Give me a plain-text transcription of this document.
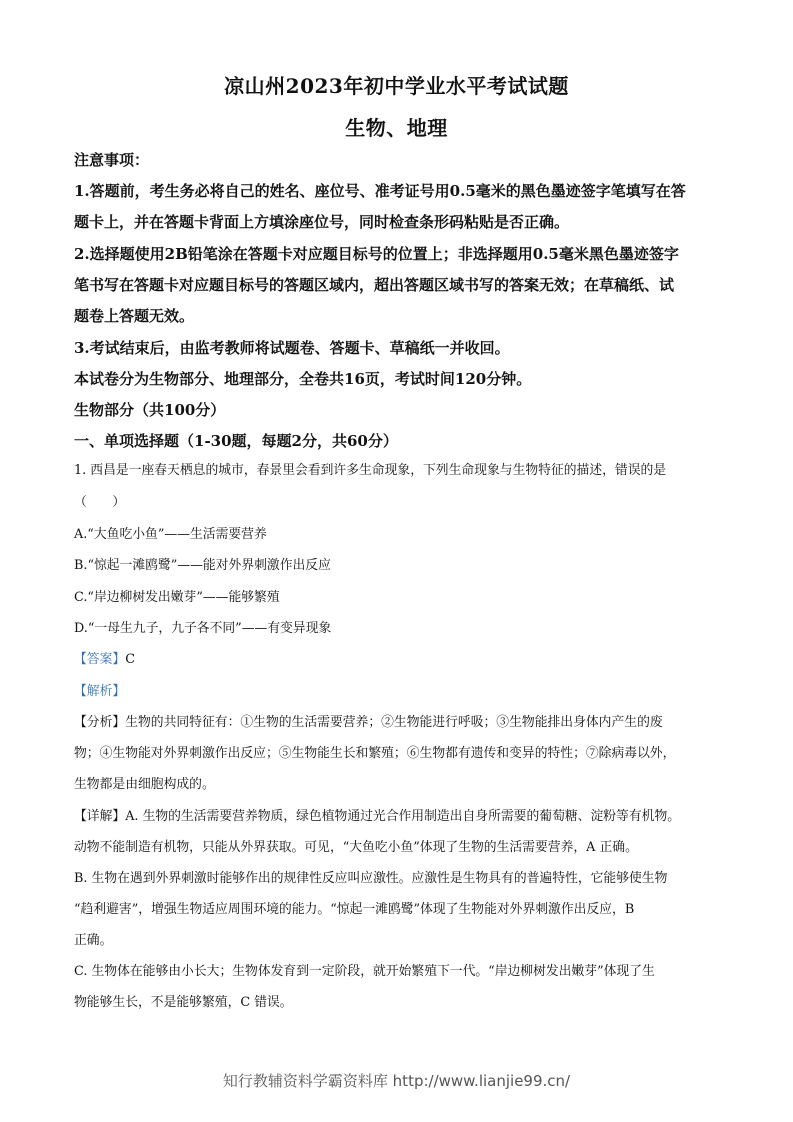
凉山州2023年初中学业水平考试试题
生物、地理
注意事项：
1.答题前，考生务必将自己的姓名、座位号、准考证号用0.5毫米的黑色墨迹签字笔填写在答
题卡上，并在答题卡背面上方填涂座位号，同时检查条形码粘贴是否正确。
2.选择题使用2B铅笔涂在答题卡对应题目标号的位置上；非选择题用0.5毫米黑色墨迹签字
笔书写在答题卡对应题目标号的答题区域内，超出答题区域书写的答案无效；在草稿纸、试
题卷上答题无效。
3.考试结束后，由监考教师将试题卷、答题卡、草稿纸一并收回。
本试卷分为生物部分、地理部分，全卷共16页，考试时间120分钟。
生物部分（共100分）
一、单项选择题（1-30题，每题2分，共60分）
1. 西昌是一座春天栖息的城市，春景里会看到许多生命现象，下列生命现象与生物特征的描述，错误的是
（　　）
A.“大鱼吃小鱼”——生活需要营养
B.“惊起一滩鸥鹭”——能对外界刺激作出反应
C.“岸边柳树发出嫩芽”——能够繁殖
D.“一母生九子，九子各不同”——有变异现象
【答案】C
【解析】
【分析】生物的共同特征有：①生物的生活需要营养；②生物能进行呼吸；③生物能排出身体内产生的废
物；④生物能对外界刺激作出反应；⑤生物能生长和繁殖；⑥生物都有遗传和变异的特性；⑦除病毒以外，
生物都是由细胞构成的。
【详解】A. 生物的生活需要营养物质，绿色植物通过光合作用制造出自身所需要的葡萄糖、淀粉等有机物。
动物不能制造有机物，只能从外界获取。可见，“大鱼吃小鱼”体现了生物的生活需要营养，A 正确。
B. 生物在遇到外界刺激时能够作出的规律性反应叫应激性。应激性是生物具有的普遍特性，它能够使生物
“趋利避害”，增强生物适应周围环境的能力。“惊起一滩鸥鹭”体现了生物能对外界刺激作出反应，B
正确。
C. 生物体在能够由小长大；生物体发育到一定阶段，就开始繁殖下一代。“岸边柳树发出嫩芽”体现了生
物能够生长，不是能够繁殖，C 错误。
知行教辅资料学霸资料库 http://www.lianjie99.cn/
